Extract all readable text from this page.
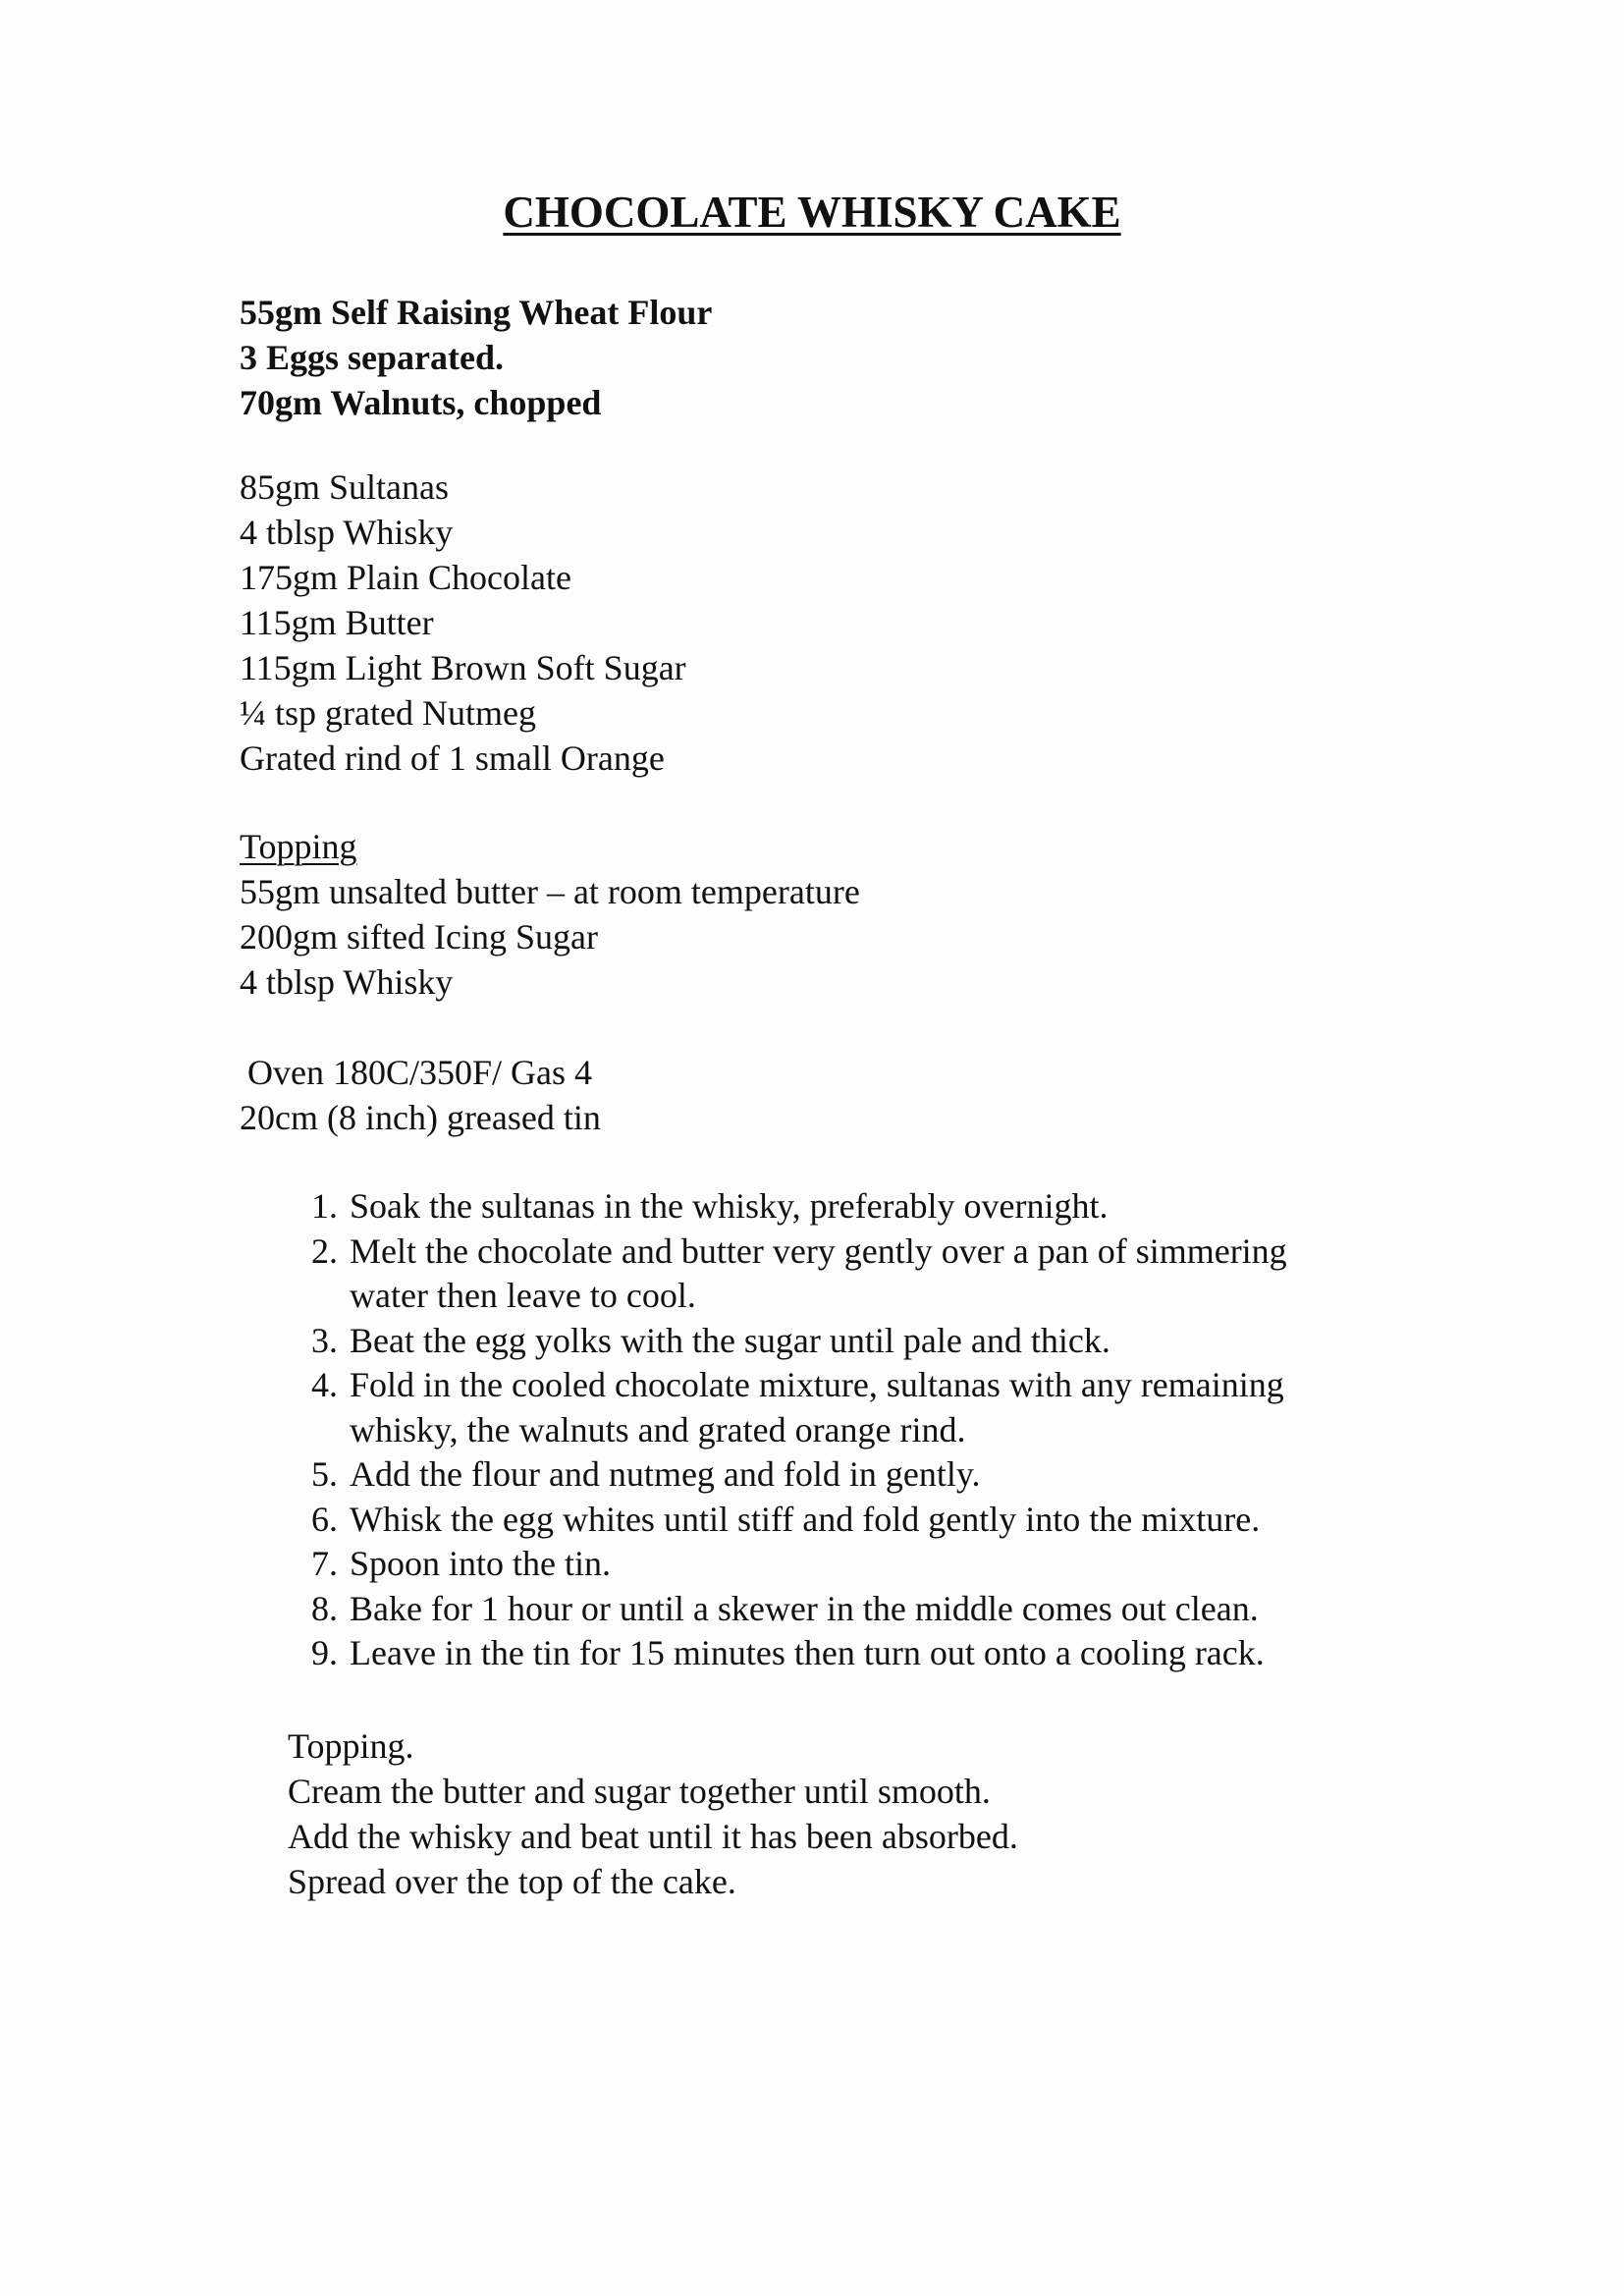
CHOCOLATE WHISKY CAKE
55gm Self Raising Wheat Flour
3 Eggs separated.
70gm Walnuts, chopped
85gm Sultanas
4 tblsp Whisky
175gm Plain Chocolate
115gm Butter
115gm Light Brown Soft Sugar
¼ tsp grated Nutmeg
Grated rind of 1 small Orange
Topping
55gm unsalted butter – at room temperature
200gm sifted Icing Sugar
4 tblsp Whisky
Oven 180C/350F/ Gas 4
20cm (8 inch) greased tin
1. Soak the sultanas in the whisky, preferably overnight.
2. Melt the chocolate and butter very gently over a pan of simmering
water then leave to cool.
3. Beat the egg yolks with the sugar until pale and thick.
4. Fold in the cooled chocolate mixture, sultanas with any remaining
whisky, the walnuts and grated orange rind.
5. Add the flour and nutmeg and fold in gently.
6. Whisk the egg whites until stiff and fold gently into the mixture.
7. Spoon into the tin.
8. Bake for 1 hour or until a skewer in the middle comes out clean.
9. Leave in the tin for 15 minutes then turn out onto a cooling rack.
Topping.
Cream the butter and sugar together until smooth.
Add the whisky and beat until it has been absorbed.
Spread over the top of the cake.
